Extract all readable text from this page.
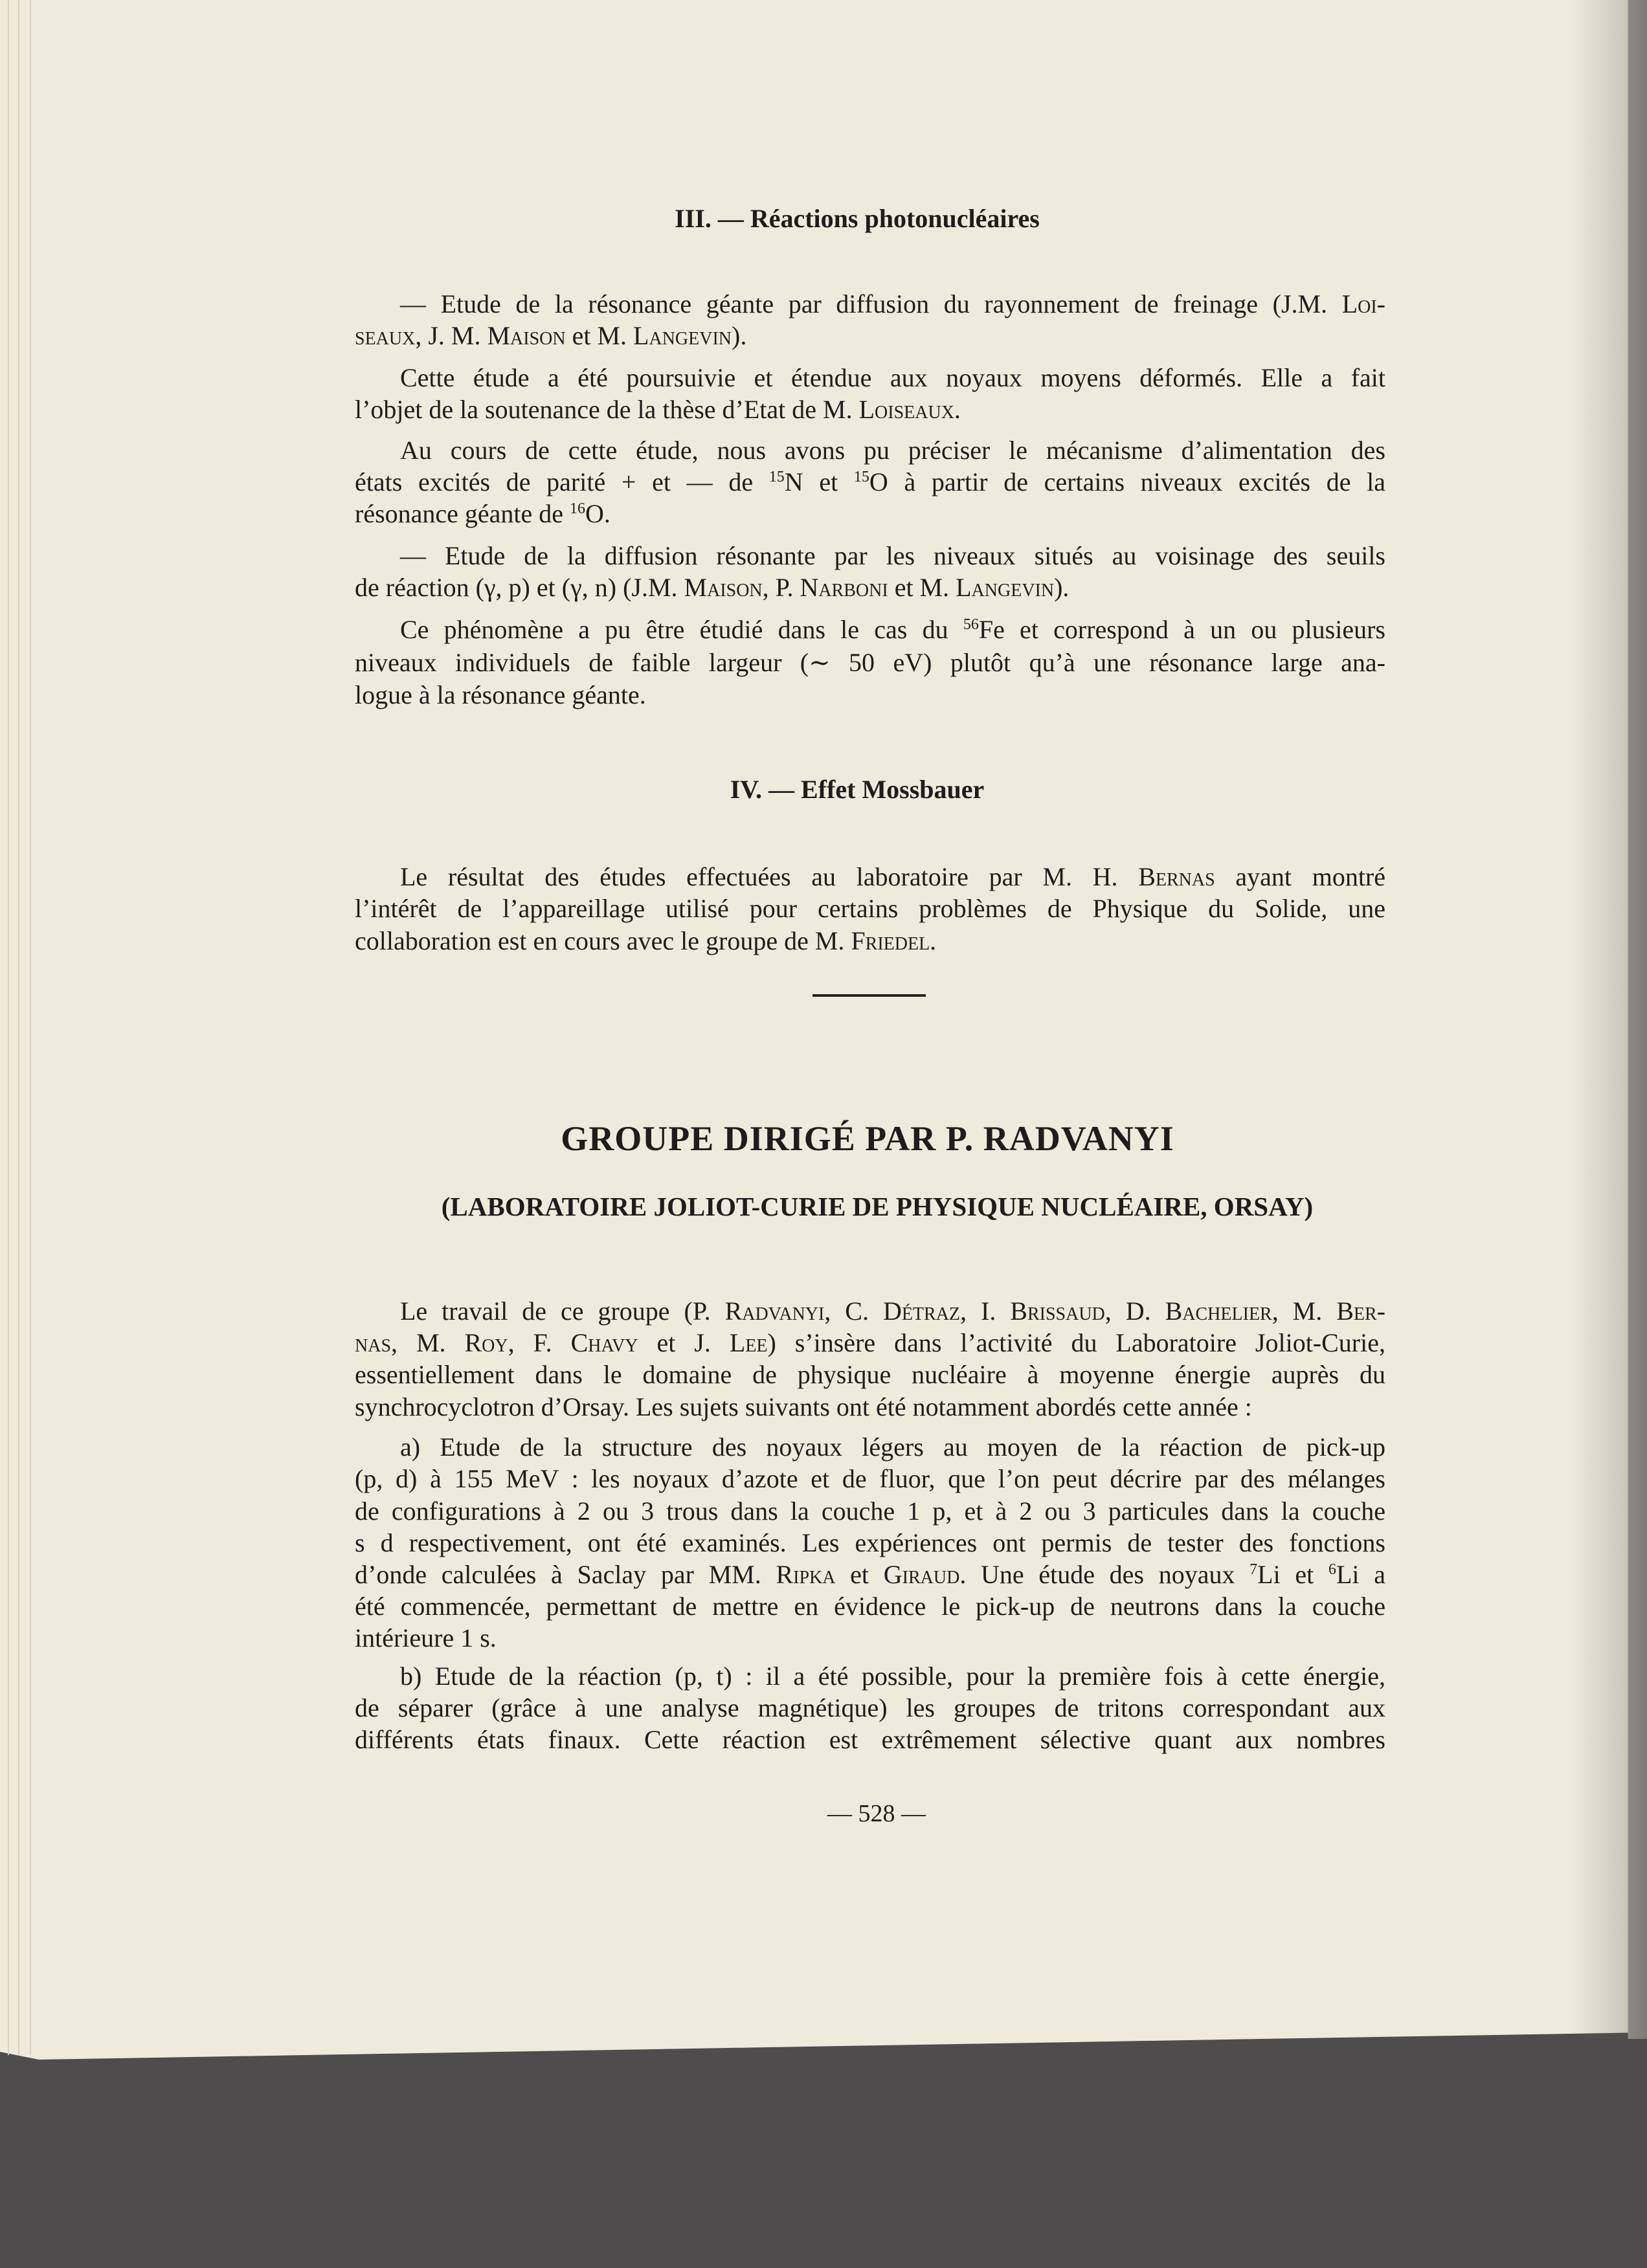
III. — Réactions photonucléaires
IV. — Effet Mossbauer
GROUPE DIRIGÉ PAR P. RADVANYI
(LABORATOIRE JOLIOT-CURIE DE PHYSIQUE NUCLÉAIRE, ORSAY)
— Etude de la résonance géante par diffusion du rayonnement de freinage (J.M. Loi-
seaux, J. M. Maison et M. Langevin).
Cette étude a été poursuivie et étendue aux noyaux moyens déformés. Elle a fait
l’objet de la soutenance de la thèse d’Etat de M. Loiseaux.
Au cours de cette étude, nous avons pu préciser le mécanisme d’alimentation des
états excités de parité + et — de $^{15}$N et $^{15}$O à partir de certains niveaux excités de la
résonance géante de $^{16}$O.
— Etude de la diffusion résonante par les niveaux situés au voisinage des seuils
de réaction (γ, p) et (γ, n) (J.M. Maison, P. Narboni et M. Langevin).
Ce phénomène a pu être étudié dans le cas du $^{56}$Fe et correspond à un ou plusieurs
niveaux individuels de faible largeur (∼ 50 eV) plutôt qu’à une résonance large ana-
logue à la résonance géante.
Le résultat des études effectuées au laboratoire par M. H. Bernas ayant montré
l’intérêt de l’appareillage utilisé pour certains problèmes de Physique du Solide, une
collaboration est en cours avec le groupe de M. Friedel.
Le travail de ce groupe (P. Radvanyi, C. Détraz, I. Brissaud, D. Bachelier, M. Ber-
nas, M. Roy, F. Chavy et J. Lee) s’insère dans l’activité du Laboratoire Joliot-Curie,
essentiellement dans le domaine de physique nucléaire à moyenne énergie auprès du
synchrocyclotron d’Orsay. Les sujets suivants ont été notamment abordés cette année :
a) Etude de la structure des noyaux légers au moyen de la réaction de pick-up
(p, d) à 155 MeV : les noyaux d’azote et de fluor, que l’on peut décrire par des mélanges
de configurations à 2 ou 3 trous dans la couche 1 p, et à 2 ou 3 particules dans la couche
s d respectivement, ont été examinés. Les expériences ont permis de tester des fonctions
d’onde calculées à Saclay par MM. Ripka et Giraud. Une étude des noyaux $^7$Li et $^6$Li a
été commencée, permettant de mettre en évidence le pick-up de neutrons dans la couche
intérieure 1 s.
b) Etude de la réaction (p, t) : il a été possible, pour la première fois à cette énergie,
de séparer (grâce à une analyse magnétique) les groupes de tritons correspondant aux
différents états finaux. Cette réaction est extrêmement sélective quant aux nombres
— 528 —
